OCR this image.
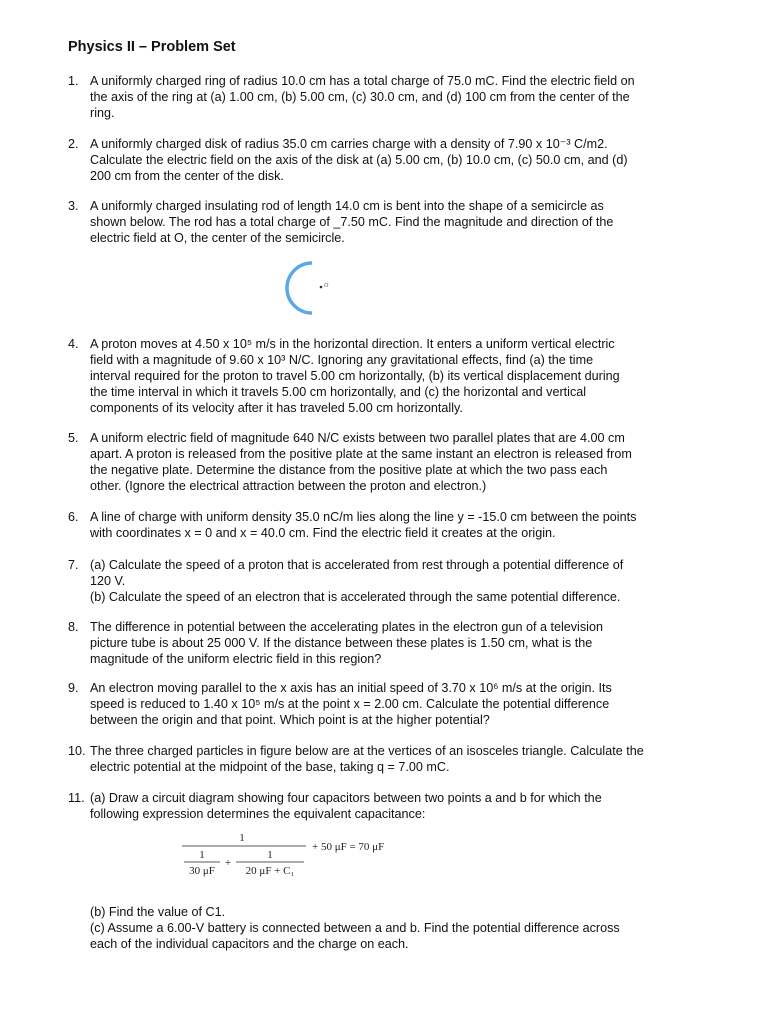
Physics II – Problem Set
1. A uniformly charged ring of radius 10.0 cm has a total charge of 75.0 mC. Find the electric field on
the axis of the ring at (a) 1.00 cm, (b) 5.00 cm, (c) 30.0 cm, and (d) 100 cm from the center of the
ring.
2. A uniformly charged disk of radius 35.0 cm carries charge with a density of 7.90 x 10⁻³ C/m2.
Calculate the electric field on the axis of the disk at (a) 5.00 cm, (b) 10.0 cm, (c) 50.0 cm, and (d)
200 cm from the center of the disk.
3. A uniformly charged insulating rod of length 14.0 cm is bent into the shape of a semicircle as
shown below. The rod has a total charge of _7.50 mC. Find the magnitude and direction of the
electric field at O, the center of the semicircle.
O
4. A proton moves at 4.50 x 10⁵ m/s in the horizontal direction. It enters a uniform vertical electric
field with a magnitude of 9.60 x 10³ N/C. Ignoring any gravitational effects, find (a) the time
interval required for the proton to travel 5.00 cm horizontally, (b) its vertical displacement during
the time interval in which it travels 5.00 cm horizontally, and (c) the horizontal and vertical
components of its velocity after it has traveled 5.00 cm horizontally.
5. A uniform electric field of magnitude 640 N/C exists between two parallel plates that are 4.00 cm
apart. A proton is released from the positive plate at the same instant an electron is released from
the negative plate. Determine the distance from the positive plate at which the two pass each
other. (Ignore the electrical attraction between the proton and electron.)
6. A line of charge with uniform density 35.0 nC/m lies along the line y = -15.0 cm between the points
with coordinates x = 0 and x = 40.0 cm. Find the electric field it creates at the origin.
7. (a) Calculate the speed of a proton that is accelerated from rest through a potential difference of
120 V.
(b) Calculate the speed of an electron that is accelerated through the same potential difference.
8. The difference in potential between the accelerating plates in the electron gun of a television
picture tube is about 25 000 V. If the distance between these plates is 1.50 cm, what is the
magnitude of the uniform electric field in this region?
9. An electron moving parallel to the x axis has an initial speed of 3.70 x 10⁶ m/s at the origin. Its
speed is reduced to 1.40 x 10⁵ m/s at the point x = 2.00 cm. Calculate the potential difference
between the origin and that point. Which point is at the higher potential?
10. The three charged particles in figure below are at the vertices of an isosceles triangle. Calculate the
electric potential at the midpoint of the base, taking q = 7.00 mC.
11. (a) Draw a circuit diagram showing four capacitors between two points a and b for which the
following expression determines the equivalent capacitance:
1
1
30 μF
+
1
20 μF + C₁
+ 50 μF = 70 μF
(b) Find the value of C1.
(c) Assume a 6.00-V battery is connected between a and b. Find the potential difference across
each of the individual capacitors and the charge on each.
